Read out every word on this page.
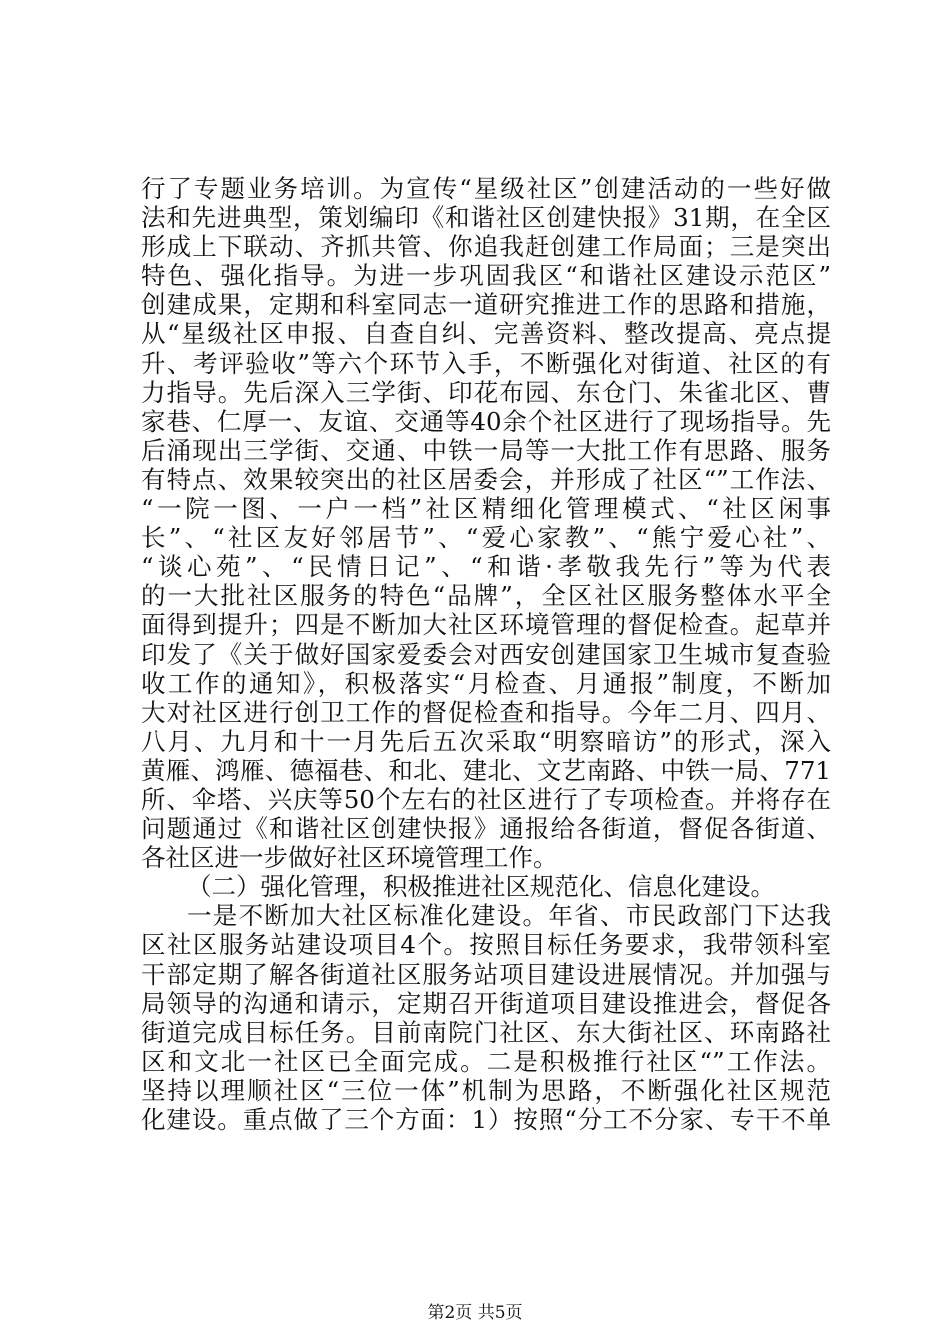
行了专题业务培训。为宣传“星级社区”创建活动的一些好做
法和先进典型，策划编印《和谐社区创建快报》31期，在全区
形成上下联动、齐抓共管、你追我赶创建工作局面；三是突出
特色、强化指导。为进一步巩固我区“和谐社区建设示范区”
创建成果，定期和科室同志一道研究推进工作的思路和措施，
从“星级社区申报、自查自纠、完善资料、整改提高、亮点提
升、考评验收”等六个环节入手，不断强化对街道、社区的有
力指导。先后深入三学街、印花布园、东仓门、朱雀北区、曹
家巷、仁厚一、友谊、交通等40余个社区进行了现场指导。先
后涌现出三学街、交通、中铁一局等一大批工作有思路、服务
有特点、效果较突出的社区居委会，并形成了社区“”工作法、
“一院一图、一户一档”社区精细化管理模式、“社区闲事
长”、“社区友好邻居节”、“爱心家教”、“熊宁爱心社”、
“谈心苑”、“民情日记”、“和谐·孝敬我先行”等为代表
的一大批社区服务的特色“品牌”，全区社区服务整体水平全
面得到提升；四是不断加大社区环境管理的督促检查。起草并
印发了《关于做好国家爱委会对西安创建国家卫生城市复查验
收工作的通知》，积极落实“月检查、月通报”制度，不断加
大对社区进行创卫工作的督促检查和指导。今年二月、四月、
八月、九月和十一月先后五次采取“明察暗访”的形式，深入
黄雁、鸿雁、德福巷、和北、建北、文艺南路、中铁一局、771
所、伞塔、兴庆等50个左右的社区进行了专项检查。并将存在
问题通过《和谐社区创建快报》通报给各街道，督促各街道、
各社区进一步做好社区环境管理工作。
（二）强化管理，积极推进社区规范化、信息化建设。
一是不断加大社区标准化建设。年省、市民政部门下达我
区社区服务站建设项目4个。按照目标任务要求，我带领科室
干部定期了解各街道社区服务站项目建设进展情况。并加强与
局领导的沟通和请示，定期召开街道项目建设推进会，督促各
街道完成目标任务。目前南院门社区、东大街社区、环南路社
区和文北一社区已全面完成。二是积极推行社区“”工作法。
坚持以理顺社区“三位一体”机制为思路，不断强化社区规范
化建设。重点做了三个方面：1）按照“分工不分家、专干不单
第2页 共5页
